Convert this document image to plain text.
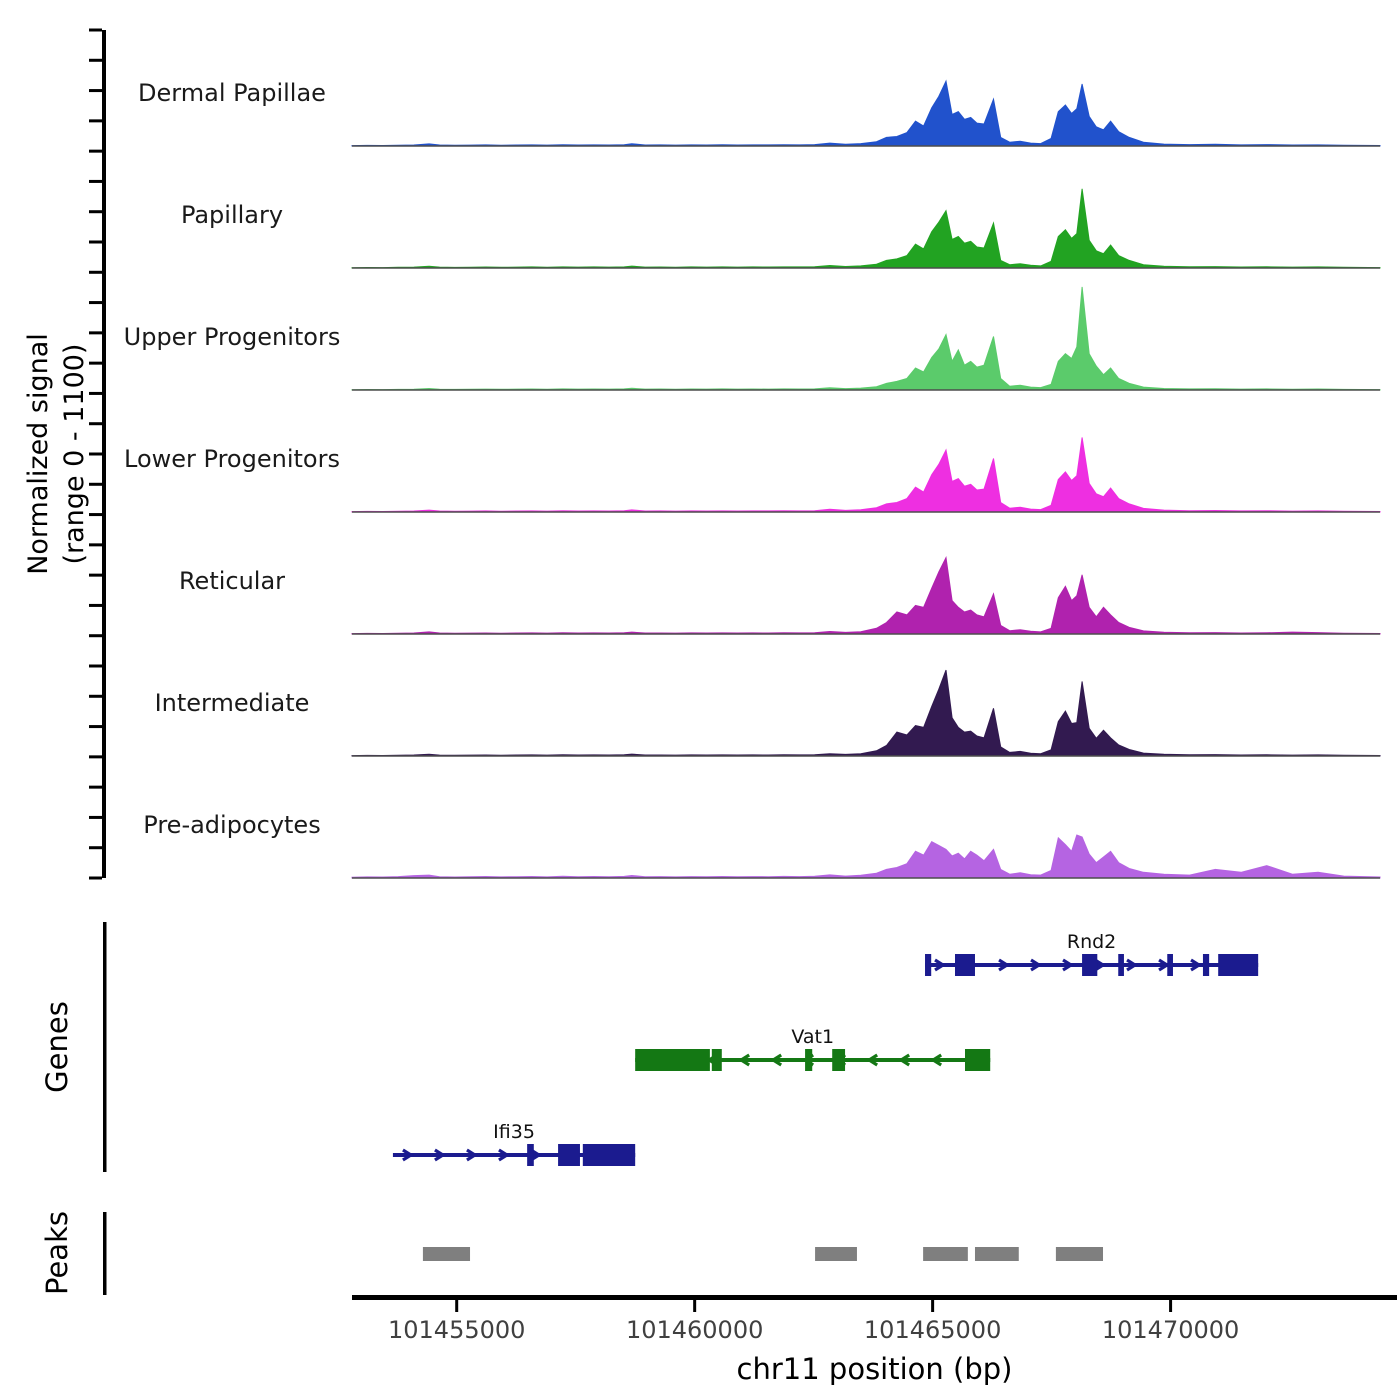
Normalized signal (range 0 - 1100)
Genes
Peaks
Dermal Papillae
Papillary
Upper Progenitors
Lower Progenitors
Reticular
Intermediate
Pre-adipocytes
Rnd2
Vat1
Ifi35
101455000	101460000	101465000	101470000
chr11 position (bp)
